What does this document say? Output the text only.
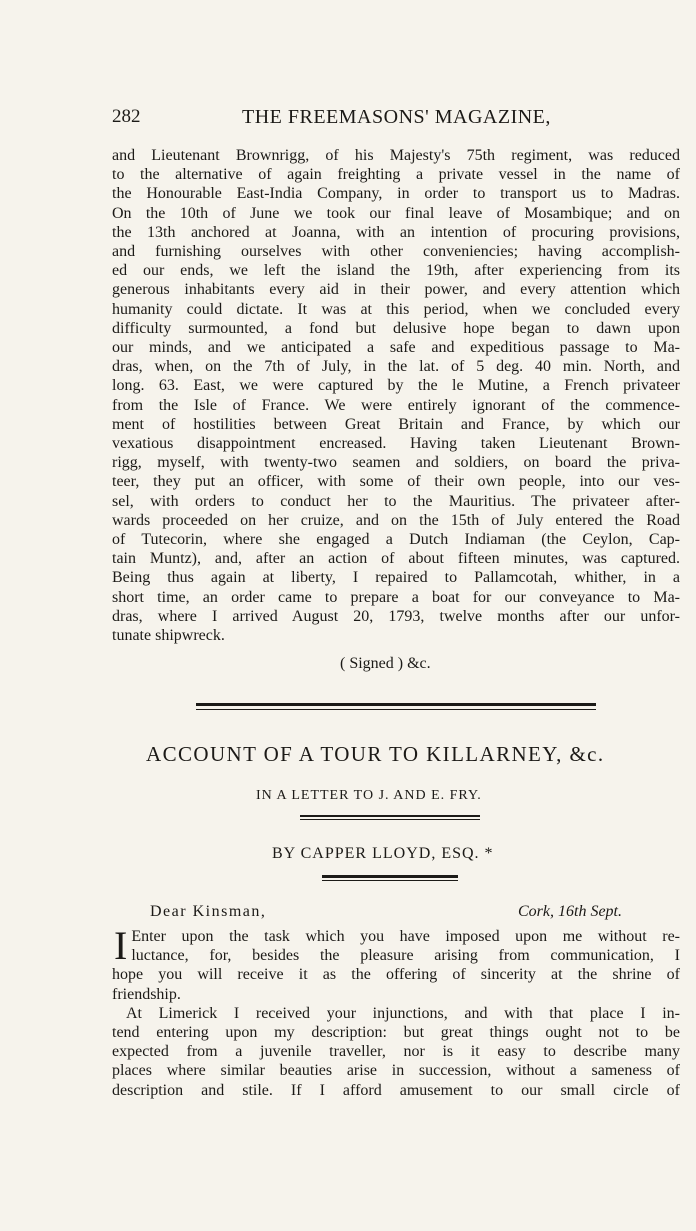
282	THE FREEMASONS' MAGAZINE,
and Lieutenant Brownrigg, of his Majesty's 75th regiment, was reduced
to the alternative of again freighting a private vessel in the name of
the Honourable East-India Company, in order to transport us to Madras.
On the 10th of June we took our final leave of Mosambique; and on
the 13th anchored at Joanna, with an intention of procuring provisions,
and furnishing ourselves with other conveniencies; having accomplish-
ed our ends, we left the island the 19th, after experiencing from its
generous inhabitants every aid in their power, and every attention which
humanity could dictate. It was at this period, when we concluded every
difficulty surmounted, a fond but delusive hope began to dawn upon
our minds, and we anticipated a safe and expeditious passage to Ma-
dras, when, on the 7th of July, in the lat. of 5 deg. 40 min. North, and
long. 63. East, we were captured by the le Mutine, a French privateer
from the Isle of France. We were entirely ignorant of the commence-
ment of hostilities between Great Britain and France, by which our
vexatious disappointment encreased. Having taken Lieutenant Brown-
rigg, myself, with twenty-two seamen and soldiers, on board the priva-
teer, they put an officer, with some of their own people, into our ves-
sel, with orders to conduct her to the Mauritius. The privateer after-
wards proceeded on her cruize, and on the 15th of July entered the Road
of Tutecorin, where she engaged a Dutch Indiaman (the Ceylon, Cap-
tain Muntz), and, after an action of about fifteen minutes, was captured.
Being thus again at liberty, I repaired to Pallamcotah, whither, in a
short time, an order came to prepare a boat for our conveyance to Ma-
dras, where I arrived August 20, 1793, twelve months after our unfor-
tunate shipwreck.
( Signed ) &c.
ACCOUNT OF A TOUR TO KILLARNEY, &c.
IN A LETTER TO J. AND E. FRY.
BY CAPPER LLOYD, ESQ. *
Dear Kinsman,	Cork, 16th Sept.
I Enter upon the task which you have imposed upon me without re-
luctance, for, besides the pleasure arising from communication, I
hope you will receive it as the offering of sincerity at the shrine of
friendship.
At Limerick I received your injunctions, and with that place I in-
tend entering upon my description: but great things ought not to be
expected from a juvenile traveller, nor is it easy to describe many
places where similar beauties arise in succession, without a sameness of
description and stile. If I afford amusement to our small circle of
